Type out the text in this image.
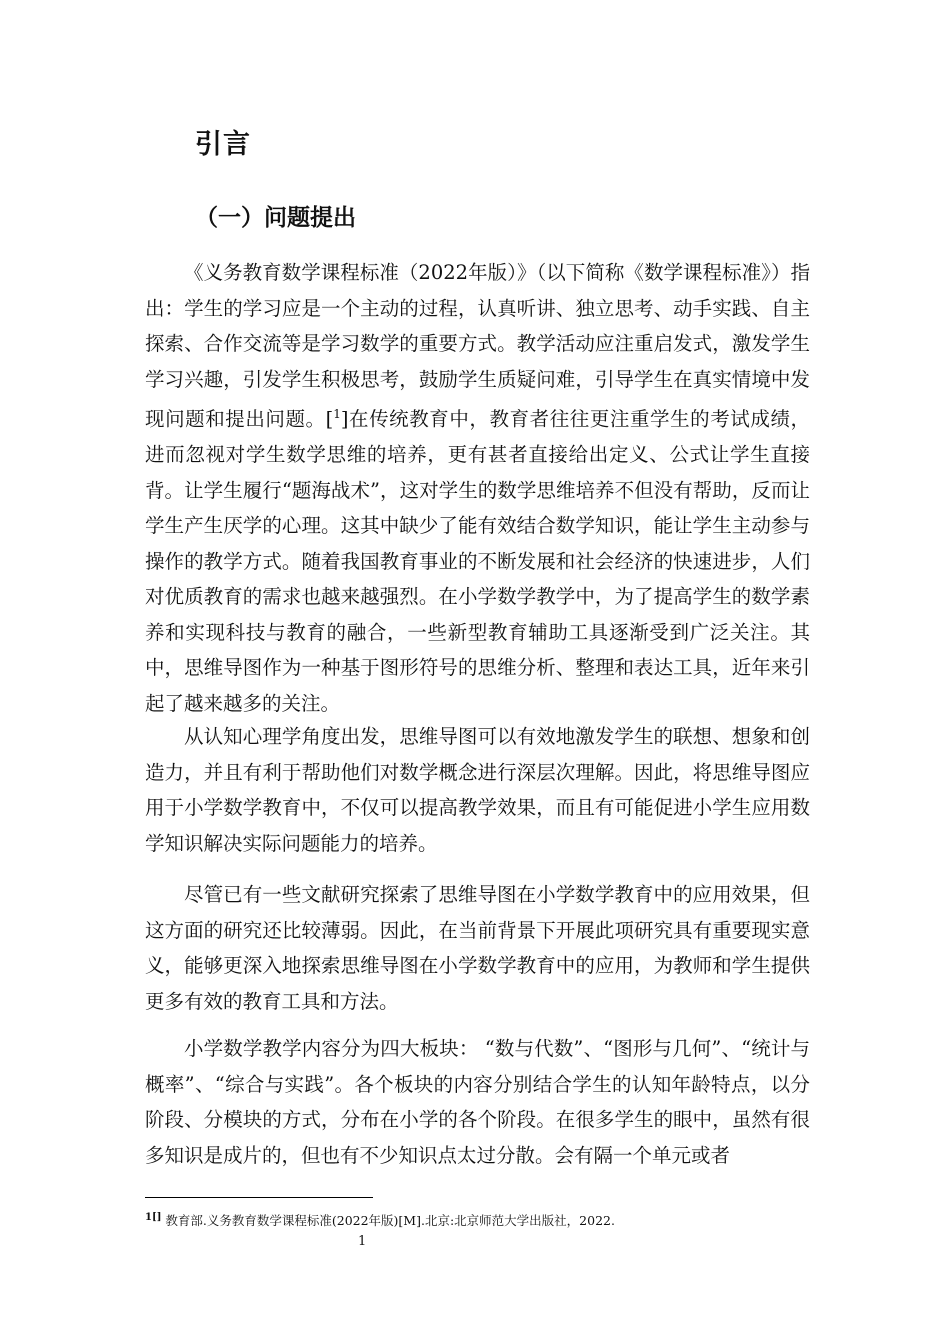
引言
（一）问题提出

《义务教育数学课程标准（2022年版）》（以下简称《数学课程标准》）指出：学生的学习应是一个主动的过程，认真听讲、独立思考、动手实践、自主探索、合作交流等是学习数学的重要方式。教学活动应注重启发式，激发学生学习兴趣，引发学生积极思考，鼓励学生质疑问难，引导学生在真实情境中发现问题和提出问题。[$^1$]在传统教育中，教育者往往更注重学生的考试成绩，进而忽视对学生数学思维的培养，更有甚者直接给出定义、公式让学生直接背。让学生履行“题海战术”，这对学生的数学思维培养不但没有帮助，反而让学生产生厌学的心理。这其中缺少了能有效结合数学知识，能让学生主动参与操作的教学方式。随着我国教育事业的不断发展和社会经济的快速进步，人们对优质教育的需求也越来越强烈。在小学数学教学中，为了提高学生的数学素养和实现科技与教育的融合，一些新型教育辅助工具逐渐受到广泛关注。其中，思维导图作为一种基于图形符号的思维分析、整理和表达工具，近年来引起了越来越多的关注。

从认知心理学角度出发，思维导图可以有效地激发学生的联想、想象和创造力，并且有利于帮助他们对数学概念进行深层次理解。因此，将思维导图应用于小学数学教育中，不仅可以提高教学效果，而且有可能促进小学生应用数学知识解决实际问题能力的培养。

尽管已有一些文献研究探索了思维导图在小学数学教育中的应用效果，但这方面的研究还比较薄弱。因此，在当前背景下开展此项研究具有重要现实意义，能够更深入地探索思维导图在小学数学教育中的应用，为教师和学生提供更多有效的教育工具和方法。

小学数学教学内容分为四大板块： “数与代数”、“图形与几何”、“统计与概率”、“综合与实践”。各个板块的内容分别结合学生的认知年龄特点，以分阶段、分模块的方式，分布在小学的各个阶段。在很多学生的眼中，虽然有很多知识是成片的，但也有不少知识点太过分散。会有隔一个单元或者

$^{1[]}$ 教育部.义务教育数学课程标准(2022年版)[M].北京:北京师范大学出版社，2022.
1
